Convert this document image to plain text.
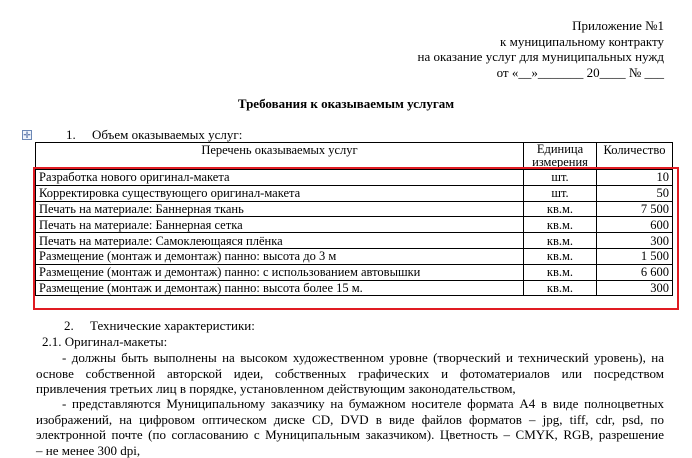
Приложение №1
к муниципальному контракту
на оказание услуг для муниципальных нужд
от «__»_______ 20____ № ___
Требования к оказываемым услугам
✛	1. Объем оказываемых услуг:
Перечень оказываемых услуг	Единица измерения	Количество
Разработка нового оригинал-макета	шт.	10
Корректировка существующего оригинал-макета	шт.	50
Печать на материале: Баннерная ткань	кв.м.	7 500
Печать на материале: Баннерная сетка	кв.м.	600
Печать на материале: Самоклеющаяся плёнка	кв.м.	300
Размещение (монтаж и демонтаж) панно: высота до 3 м	кв.м.	1 500
Размещение (монтаж и демонтаж) панно: с использованием автовышки	кв.м.	6 600
Размещение (монтаж и демонтаж) панно: высота более 15 м.	кв.м.	300
2. Технические характеристики:
2.1. Оригинал-макеты:
- должны быть выполнены на высоком художественном уровне (творческий и технический уровень), на
основе собственной авторской идеи, собственных графических и фотоматериалов или посредством
привлечения третьих лиц в порядке, установленном действующим законодательством,
- представляются Муниципальному заказчику на бумажном носителе формата А4 в виде полноцветных
изображений, на цифровом оптическом диске CD, DVD в виде файлов форматов – jpg, tiff, cdr, psd, по
электронной почте (по согласованию с Муниципальным заказчиком). Цветность – CMYK, RGB, разрешение
– не менее 300 dpi,
